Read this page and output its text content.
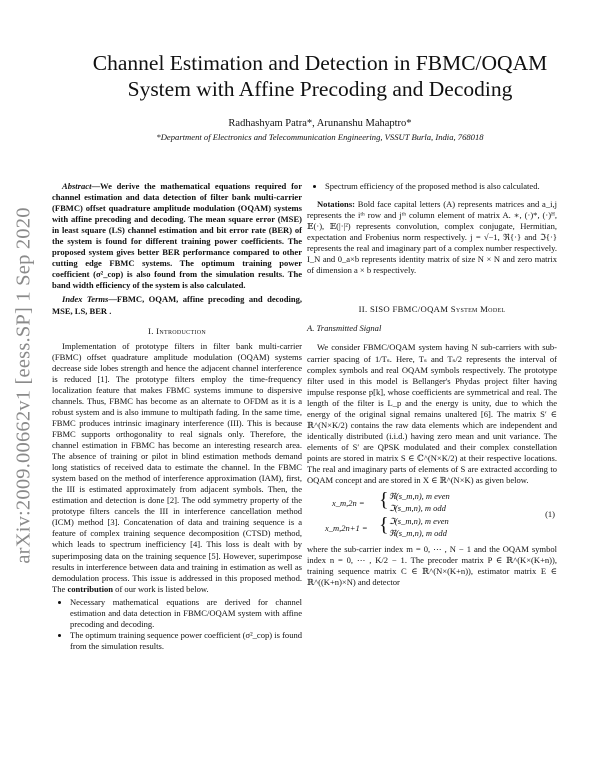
arXiv:2009.00662v1 [eess.SP] 1 Sep 2020
Channel Estimation and Detection in FBMC/OQAM
System with Affine Precoding and Decoding
Radhashyam Patra*, Arunanshu Mahaptro*
*Department of Electronics and Telecommunication Engineering, VSSUT Burla, India, 768018

Abstract—We derive the mathematical equations required for channel estimation and data detection of filter bank multi-carrier (FBMC) offset quadrature amplitude modulation (OQAM) systems with affine precoding and decoding. The mean square error (MSE) in least square (LS) channel estimation and bit error rate (BER) of the system is found for different training power coefficients. The proposed system gives better BER performance compared to other cutting edge FBMC systems. The optimum training power coefficient (σ²_cop) is also found from the simulation results. The band width efficiency of the system is also calculated.

Index Terms—FBMC, OQAM, affine precoding and decoding, MSE, LS, BER .

I. Introduction

Implementation of prototype filters in filter bank multi-carrier (FBMC) offset quadrature amplitude modulation (OQAM) systems decrease side lobes strength and hence the adjacent channel interference is reduced [1]. The prototype filters employ the time-frequency localization feature that makes FBMC systems immune to dispersive channels. Thus, FBMC has become as an alternate to OFDM as it is a robust system and is also immune to multipath fading. In the same time, FBMC produces intrinsic imaginary interference (III). This is because FBMC supports orthogonality to real signals only. Therefore, the channel estimation in FBMC has become an interesting research area. The absence of training or pilot in blind estimation methods demand long statistics of received data to estimate the channel. In the FBMC system based on the method of interference approximation (IAM), first, the III is estimated approximately from adjacent symbols. Then, the estimation and detection is done [2]. The odd symmetry property of the prototype filters cancels the III in interference cancellation method (ICM) method [3]. Concatenation of data and training sequence is a feature of complex training sequence decomposition (CTSD) method, which leads to spectrum inefficiency [4]. This loss is dealt with by superimposing data on the training sequence [5]. However, superimpose results in interference between data and training in estimation as well as demodulation process. This issue is addressed in this proposed method. The contribution of our work is listed below.

• Necessary mathematical equations are derived for channel estimation and data detection in FBMC/OQAM system with affine precoding and decoding.
• The optimum training sequence power coefficient (σ²_cop) is found from the simulation results.
• Spectrum efficiency of the proposed method is also calculated.

Notations: Bold face capital letters (A) represents matrices and a_i,j represents the iᵗʰ row and jᵗʰ column element of matrix A. ∗, (·)*, (·)ᴴ, 𝔼(·), 𝔼(|·|²) represents convolution, complex conjugate, Hermitian, expectation and Frobenius norm respectively. j = √−1, ℜ{·} and ℑ{·} represents the real and imaginary part of a complex number respectively. I_N and 0_a×b represents identity matrix of size N × N and zero matrix of dimension a × b respectively.

II. SISO FBMC/OQAM System Model

A. Transmitted Signal

We consider FBMC/OQAM system having N sub-carriers with sub-carrier spacing of 1/Tₛ. Here, Tₛ and Tₛ/2 represents the interval of complex symbols and real OQAM symbols respectively. The prototype filter used in this model is Bellanger's Phydas project filter having impulse response p[k], whose coefficients are symmetrical and real. The length of the filter is L_p and the energy is unity, due to which the energy of the original signal remains unaltered [6]. The matrix S′ ∈ ℝ^(N×K/2) contains the raw data elements which are independent and identically distributed (i.i.d.) having zero mean and unit variance. The elements of S′ are QPSK modulated and their complex constellation points are stored in matrix S ∈ ℂ^(N×K/2) at their respective locations. The real and imaginary parts of elements of S are extracted according to OQAM concept and are stored in X ∈ ℝ^(N×K) as given below.

x_m,2n = { ℜ(s_m,n), m even
ℑ(s_m,n), m odd
x_m,2n+1 = { ℑ(s_m,n), m even
ℜ(s_m,n), m odd
(1)

where the sub-carrier index m = 0, ⋯ , N − 1 and the OQAM symbol index n = 0, ⋯ , K/2 − 1. The precoder matrix P ∈ ℝ^(K×(K+n)), training sequence matrix C ∈ ℝ^(N×(K+n)), estimator matrix E ∈ ℝ^((K+n)×N) and detector
